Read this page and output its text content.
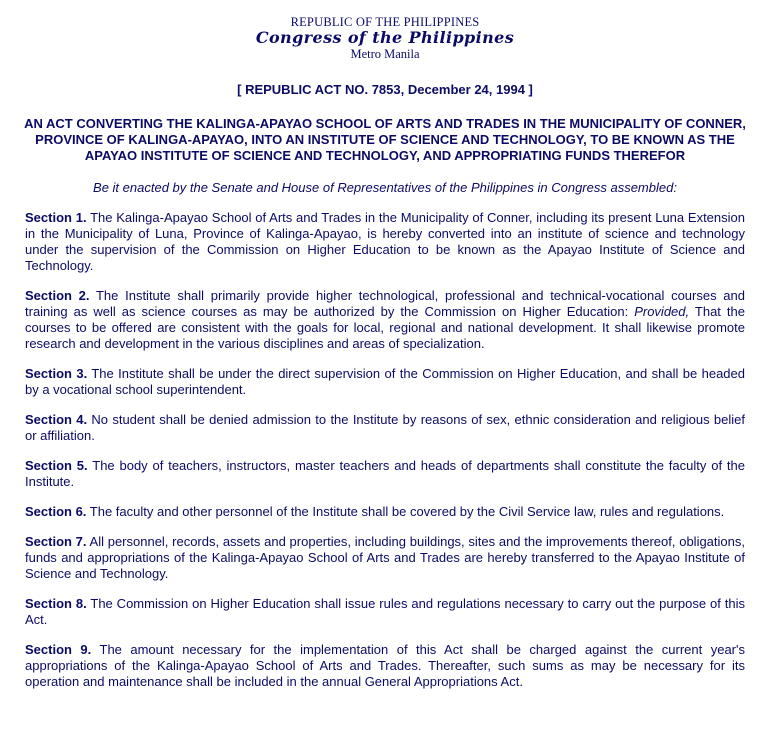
REPUBLIC OF THE PHILIPPINES
Congress of the Philippines
Metro Manila
[ REPUBLIC ACT NO. 7853, December 24, 1994 ]
AN ACT CONVERTING THE KALINGA-APAYAO SCHOOL OF ARTS AND TRADES IN THE MUNICIPALITY OF CONNER, PROVINCE OF KALINGA-APAYAO, INTO AN INSTITUTE OF SCIENCE AND TECHNOLOGY, TO BE KNOWN AS THE APAYAO INSTITUTE OF SCIENCE AND TECHNOLOGY, AND APPROPRIATING FUNDS THEREFOR
Be it enacted by the Senate and House of Representatives of the Philippines in Congress assembled:

Section 1. The Kalinga-Apayao School of Arts and Trades in the Municipality of Conner, including its present Luna Extension in the Municipality of Luna, Province of Kalinga-Apayao, is hereby converted into an institute of science and technology under the supervision of the Commission on Higher Education to be known as the Apayao Institute of Science and Technology.

Section 2. The Institute shall primarily provide higher technological, professional and technical-vocational courses and training as well as science courses as may be authorized by the Commission on Higher Education: Provided, That the courses to be offered are consistent with the goals for local, regional and national development. It shall likewise promote research and development in the various disciplines and areas of specialization.

Section 3. The Institute shall be under the direct supervision of the Commission on Higher Education, and shall be headed by a vocational school superintendent.

Section 4. No student shall be denied admission to the Institute by reasons of sex, ethnic consideration and religious belief or affiliation.

Section 5. The body of teachers, instructors, master teachers and heads of departments shall constitute the faculty of the Institute.

Section 6. The faculty and other personnel of the Institute shall be covered by the Civil Service law, rules and regulations.

Section 7. All personnel, records, assets and properties, including buildings, sites and the improvements thereof, obligations, funds and appropriations of the Kalinga-Apayao School of Arts and Trades are hereby transferred to the Apayao Institute of Science and Technology.

Section 8. The Commission on Higher Education shall issue rules and regulations necessary to carry out the purpose of this Act.

Section 9. The amount necessary for the implementation of this Act shall be charged against the current year's appropriations of the Kalinga-Apayao School of Arts and Trades. Thereafter, such sums as may be necessary for its operation and maintenance shall be included in the annual General Appropriations Act.
